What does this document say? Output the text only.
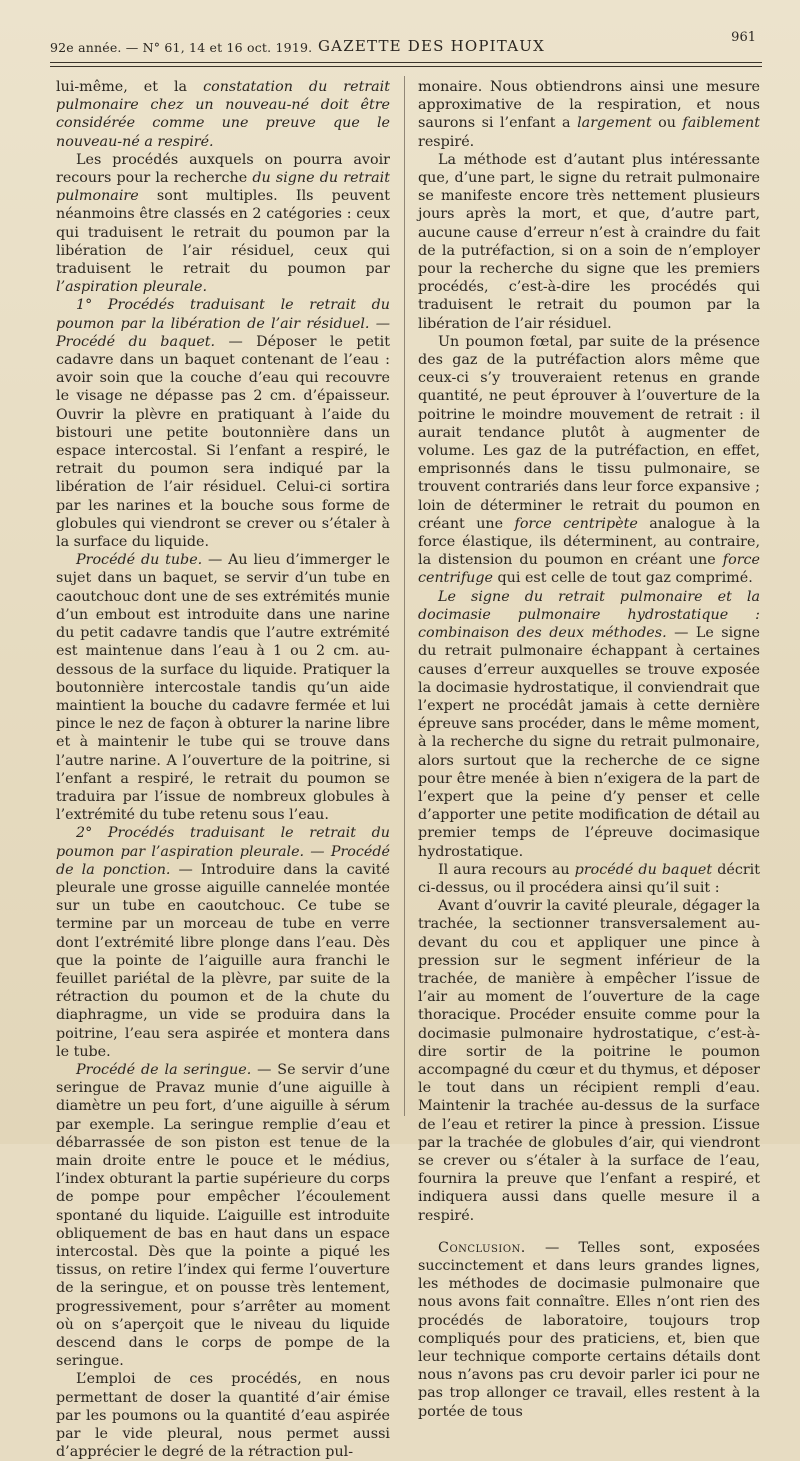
92e année. — N° 61, 14 et 16 oct. 1919. GAZETTE DES HOPITAUX	961

lui-même, et la constatation du retrait pulmonaire chez un nouveau-né doit être considérée comme une preuve que le nouveau-né a respiré.

Les procédés auxquels on pourra avoir recours pour la recherche du signe du retrait pulmonaire sont multiples. Ils peuvent néanmoins être classés en 2 catégories : ceux qui traduisent le retrait du poumon par la libération de l’air résiduel, ceux qui traduisent le retrait du poumon par l’aspiration pleurale.

1° Procédés traduisant le retrait du poumon par la libération de l’air résiduel. — Procédé du baquet. — Déposer le petit cadavre dans un baquet contenant de l’eau : avoir soin que la couche d’eau qui recouvre le visage ne dépasse pas 2 cm. d’épaisseur. Ouvrir la plèvre en pratiquant à l’aide du bistouri une petite boutonnière dans un espace intercostal. Si l’enfant a respiré, le retrait du poumon sera indiqué par la libération de l’air résiduel. Celui-ci sortira par les narines et la bouche sous forme de globules qui viendront se crever ou s’étaler à la surface du liquide.

Procédé du tube. — Au lieu d’immerger le sujet dans un baquet, se servir d’un tube en caoutchouc dont une de ses extrémités munie d’un embout est introduite dans une narine du petit cadavre tandis que l’autre extrémité est maintenue dans l’eau à 1 ou 2 cm. au-dessous de la surface du liquide. Pratiquer la boutonnière intercostale tandis qu’un aide maintient la bouche du cadavre fermée et lui pince le nez de façon à obturer la narine libre et à maintenir le tube qui se trouve dans l’autre narine. A l’ouverture de la poitrine, si l’enfant a respiré, le retrait du poumon se traduira par l’issue de nombreux globules à l’extrémité du tube retenu sous l’eau.

2° Procédés traduisant le retrait du poumon par l’aspiration pleurale. — Procédé de la ponction. — Introduire dans la cavité pleurale une grosse aiguille cannelée montée sur un tube en caoutchouc. Ce tube se termine par un morceau de tube en verre dont l’extrémité libre plonge dans l’eau. Dès que la pointe de l’aiguille aura franchi le feuillet pariétal de la plèvre, par suite de la rétraction du poumon et de la chute du diaphragme, un vide se produira dans la poitrine, l’eau sera aspirée et montera dans le tube.

Procédé de la seringue. — Se servir d’une seringue de Pravaz munie d’une aiguille à diamètre un peu fort, d’une aiguille à sérum par exemple. La seringue remplie d’eau et débarrassée de son piston est tenue de la main droite entre le pouce et le médius, l’index obturant la partie supérieure du corps de pompe pour empêcher l’écoulement spontané du liquide. L’aiguille est introduite obliquement de bas en haut dans un espace intercostal. Dès que la pointe a piqué les tissus, on retire l’index qui ferme l’ouverture de la seringue, et on pousse très lentement, progressivement, pour s’arrêter au moment où on s’aperçoit que le niveau du liquide descend dans le corps de pompe de la seringue.

L’emploi de ces procédés, en nous permettant de doser la quantité d’air émise par les poumons ou la quantité d’eau aspirée par le vide pleural, nous permet aussi d’apprécier le degré de la rétraction pul-

monaire. Nous obtiendrons ainsi une mesure approximative de la respiration, et nous saurons si l’enfant a largement ou faiblement respiré.

La méthode est d’autant plus intéressante que, d’une part, le signe du retrait pulmonaire se manifeste encore très nettement plusieurs jours après la mort, et que, d’autre part, aucune cause d’erreur n’est à craindre du fait de la putréfaction, si on a soin de n’employer pour la recherche du signe que les premiers procédés, c’est-à-dire les procédés qui traduisent le retrait du poumon par la libération de l’air résiduel.

Un poumon fœtal, par suite de la présence des gaz de la putréfaction alors même que ceux-ci s’y trouveraient retenus en grande quantité, ne peut éprouver à l’ouverture de la poitrine le moindre mouvement de retrait : il aurait tendance plutôt à augmenter de volume. Les gaz de la putréfaction, en effet, emprisonnés dans le tissu pulmonaire, se trouvent contrariés dans leur force expansive ; loin de déterminer le retrait du poumon en créant une force centripète analogue à la force élastique, ils déterminent, au contraire, la distension du poumon en créant une force centrifuge qui est celle de tout gaz comprimé.

Le signe du retrait pulmonaire et la docimasie pulmonaire hydrostatique : combinaison des deux méthodes. — Le signe du retrait pulmonaire échappant à certaines causes d’erreur auxquelles se trouve exposée la docimasie hydrostatique, il conviendrait que l’expert ne procédât jamais à cette dernière épreuve sans procéder, dans le même moment, à la recherche du signe du retrait pulmonaire, alors surtout que la recherche de ce signe pour être menée à bien n’exigera de la part de l’expert que la peine d’y penser et celle d’apporter une petite modification de détail au premier temps de l’épreuve docimasique hydrostatique.

Il aura recours au procédé du baquet décrit ci-dessus, ou il procédera ainsi qu’il suit :

Avant d’ouvrir la cavité pleurale, dégager la trachée, la sectionner transversalement au-devant du cou et appliquer une pince à pression sur le segment inférieur de la trachée, de manière à empêcher l’issue de l’air au moment de l’ouverture de la cage thoracique. Procéder ensuite comme pour la docimasie pulmonaire hydrostatique, c’est-à-dire sortir de la poitrine le poumon accompagné du cœur et du thymus, et déposer le tout dans un récipient rempli d’eau. Maintenir la trachée au-dessus de la surface de l’eau et retirer la pince à pression. L’issue par la trachée de globules d’air, qui viendront se crever ou s’étaler à la surface de l’eau, fournira la preuve que l’enfant a respiré, et indiquera aussi dans quelle mesure il a respiré.

Conclusion. — Telles sont, exposées succinctement et dans leurs grandes lignes, les méthodes de docimasie pulmonaire que nous avons fait connaître. Elles n’ont rien des procédés de laboratoire, toujours trop compliqués pour des praticiens, et, bien que leur technique comporte certains détails dont nous n’avons pas cru devoir parler ici pour ne pas trop allonger ce travail, elles restent à la portée de tous
